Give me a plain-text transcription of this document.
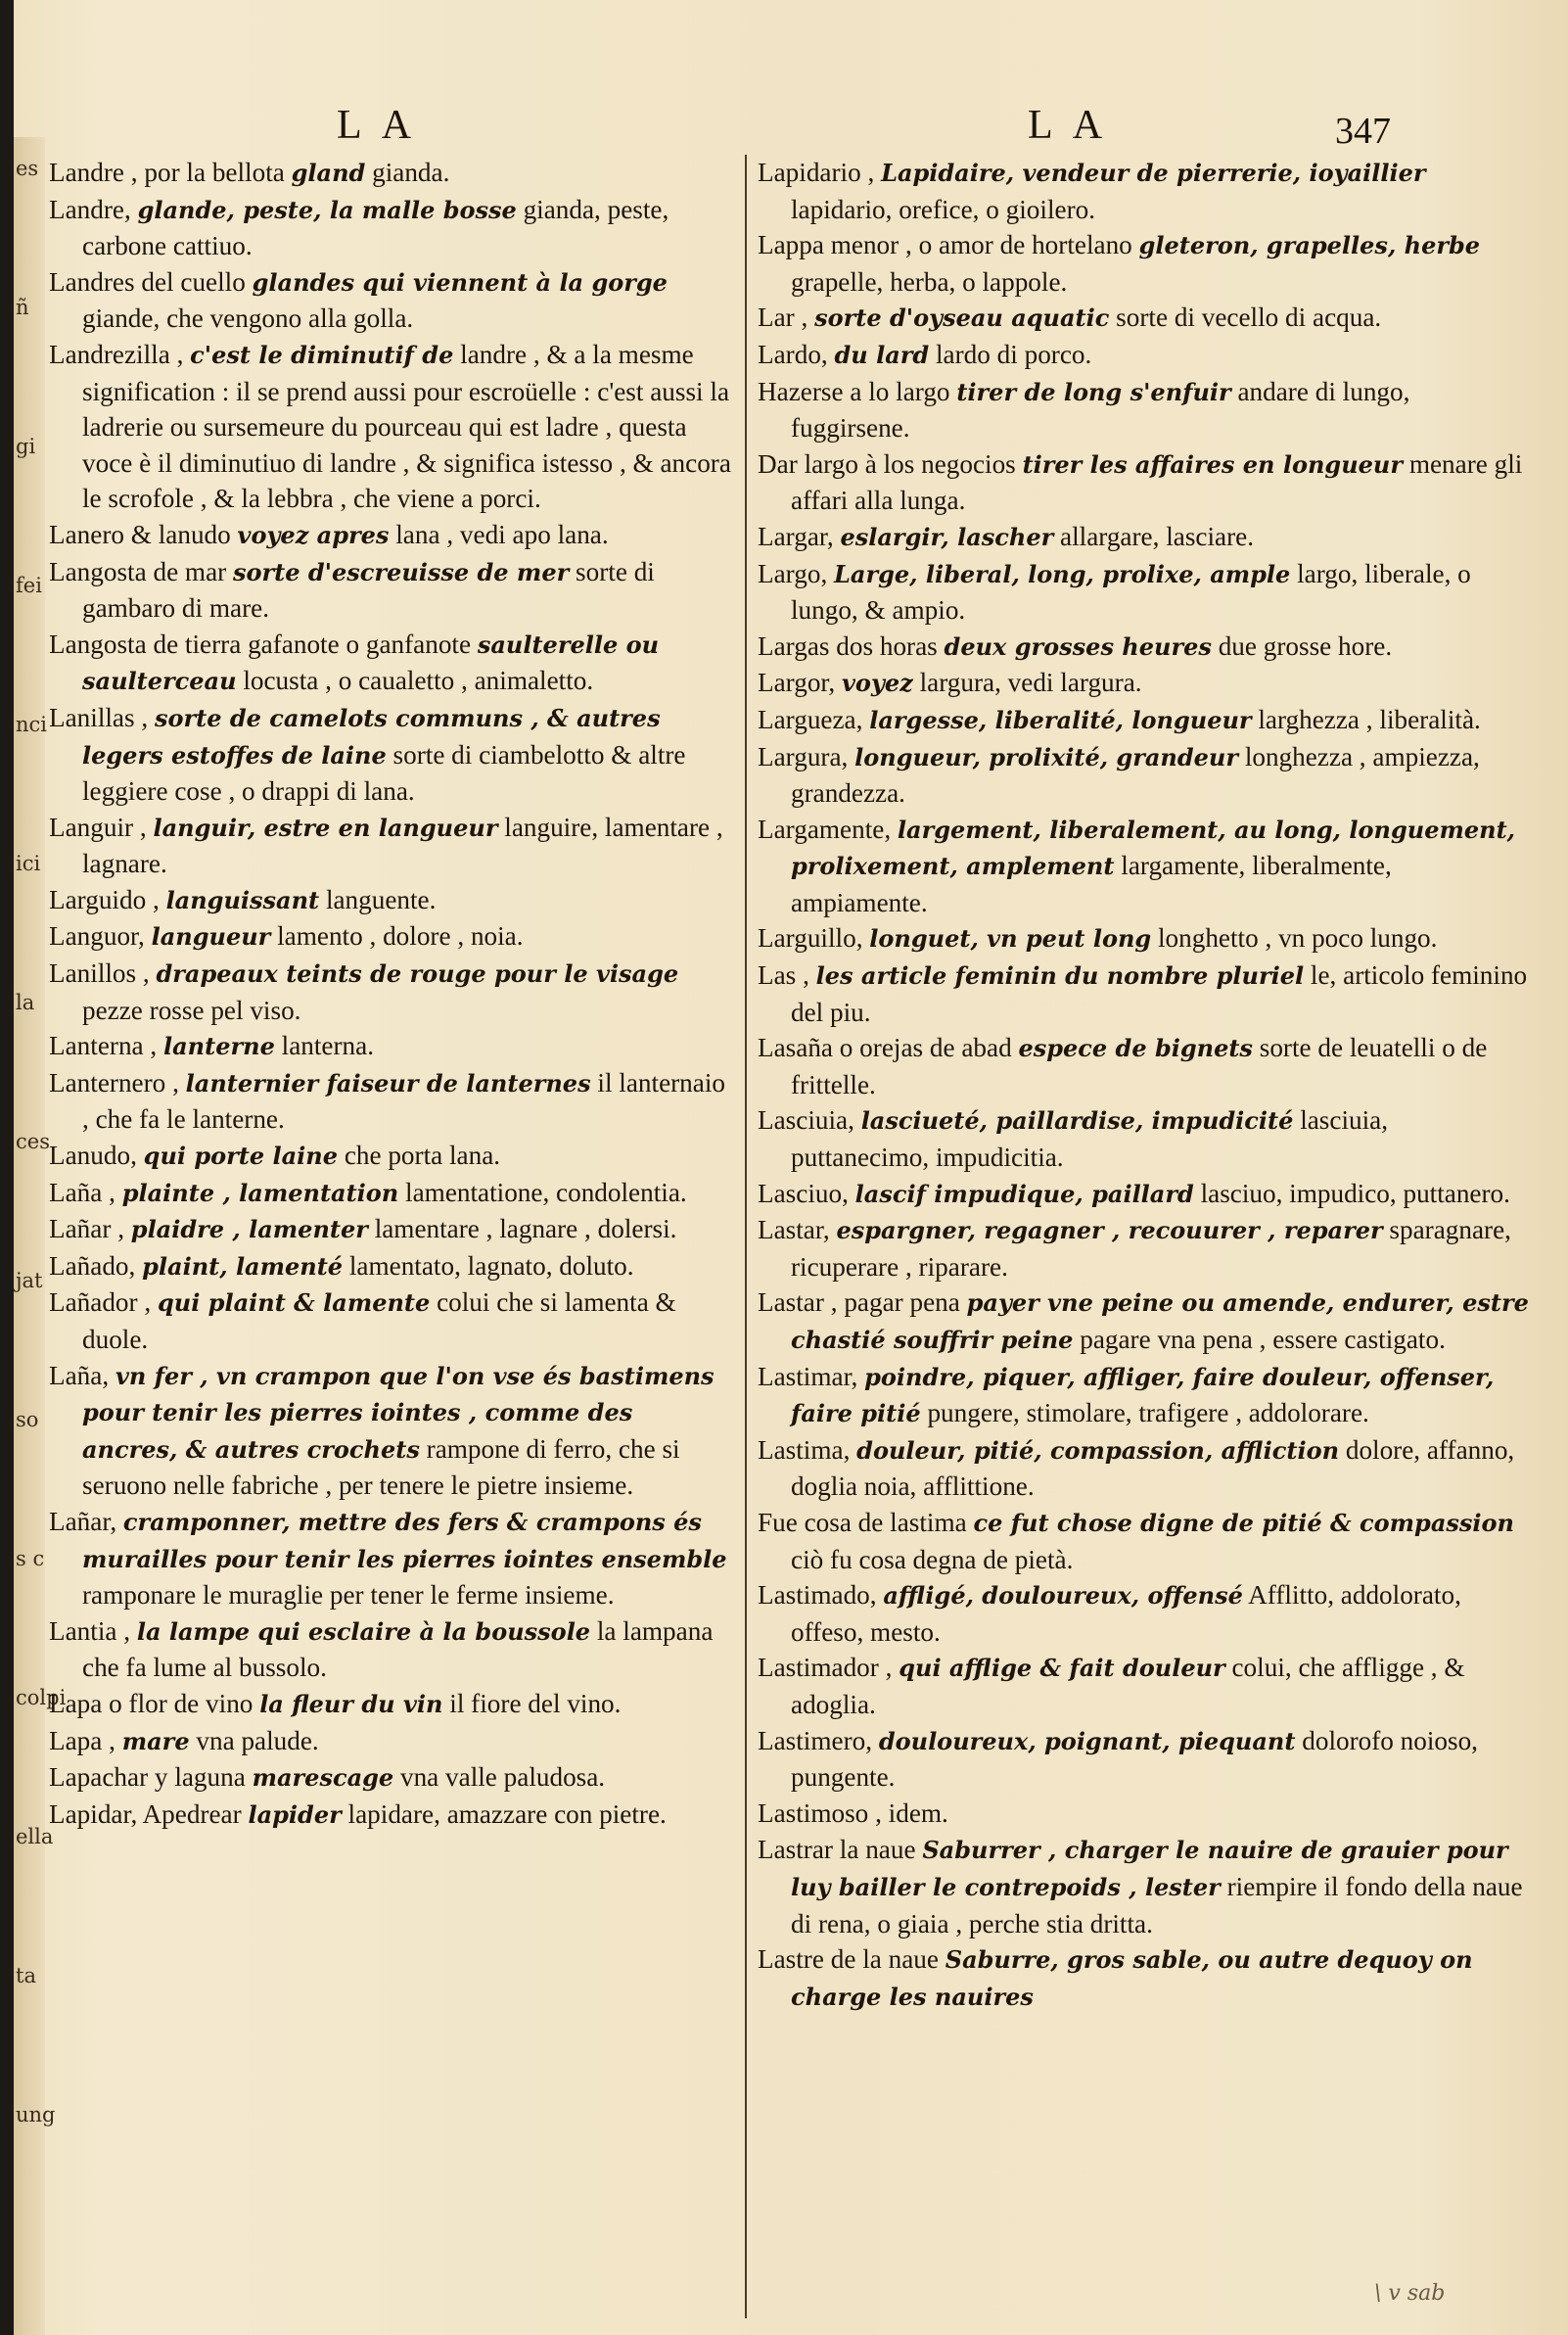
es
ñ
gi
fei
nci
ici
la
ces
jat
so
s c
colpi
ella
ta
ung
LA	LA	347
Landre , por la bellota gland gianda.
Landre, glande, peste, la malle bosse gianda, peste, carbone cattiuo.
Landres del cuello glandes qui viennent à la gorge giande, che vengono alla golla.
Landrezilla , c'est le diminutif de landre , & a la mesme signification : il se prend aussi pour escroüelle : c'est aussi la ladrerie ou sursemeure du pourceau qui est ladre , questa voce è il diminutiuo di landre , & significa istesso , & ancora le scrofole , & la lebbra , che viene a porci.
Lanero & lanudo voyez apres lana , vedi apo lana.
Langosta de mar sorte d'escreuisse de mer sorte di gambaro di mare.
Langosta de tierra gafanote o ganfanote saulterelle ou saulterceau locusta , o caualetto , animaletto.
Lanillas , sorte de camelots communs , & autres legers estoffes de laine sorte di ciambelotto & altre leggiere cose , o drappi di lana.
Languir , languir, estre en langueur languire, lamentare , lagnare.
Larguido , languissant languente.
Languor, langueur lamento , dolore , noia.
Lanillos , drapeaux teints de rouge pour le visage pezze rosse pel viso.
Lanterna , lanterne lanterna.
Lanternero , lanternier faiseur de lanternes il lanternaio , che fa le lanterne.
Lanudo, qui porte laine che porta lana.
Laña , plainte , lamentation lamentatione, condolentia.
Lañar , plaidre , lamenter lamentare , lagnare , dolersi.
Lañado, plaint, lamenté lamentato, lagnato, doluto.
Lañador , qui plaint & lamente colui che si lamenta & duole.
Laña, vn fer , vn crampon que l'on vse és bastimens pour tenir les pierres iointes , comme des ancres, & autres crochets rampone di ferro, che si seruono nelle fabriche , per tenere le pietre insieme.
Lañar, cramponner, mettre des fers & crampons és murailles pour tenir les pierres iointes ensemble ramponare le muraglie per tener le ferme insieme.
Lantia , la lampe qui esclaire à la boussole la lampana che fa lume al bussolo.
Lapa o flor de vino la fleur du vin il fiore del vino.
Lapa , mare vna palude.
Lapachar y laguna marescage vna valle paludosa.
Lapidar, Apedrear lapider lapidare, amazzare con pietre.
Lapidario , Lapidaire, vendeur de pierrerie, ioyaillier lapidario, orefice, o gioilero.
Lappa menor , o amor de hortelano gleteron, grapelles, herbe grapelle, herba, o lappole.
Lar , sorte d'oyseau aquatic sorte di vecello di acqua.
Lardo, du lard lardo di porco.
Hazerse a lo largo tirer de long s'enfuir andare di lungo, fuggirsene.
Dar largo à los negocios tirer les affaires en longueur menare gli affari alla lunga.
Largar, eslargir, lascher allargare, lasciare.
Largo, Large, liberal, long, prolixe, ample largo, liberale, o lungo, & ampio.
Largas dos horas deux grosses heures due grosse hore.
Largor, voyez largura, vedi largura.
Largueza, largesse, liberalité, longueur larghezza , liberalità.
Largura, longueur, prolixité, grandeur longhezza , ampiezza, grandezza.
Largamente, largement, liberalement, au long, longuement, prolixement, amplement largamente, liberalmente, ampiamente.
Larguillo, longuet, vn peut long longhetto , vn poco lungo.
Las , les article feminin du nombre pluriel le, articolo feminino del piu.
Lasaña o orejas de abad espece de bignets sorte de leuatelli o de frittelle.
Lasciuia, lasciueté, paillardise, impudicité lasciuia, puttanecimo, impudicitia.
Lasciuo, lascif impudique, paillard lasciuo, impudico, puttanero.
Lastar, espargner, regagner , recouurer , reparer sparagnare, ricuperare , riparare.
Lastar , pagar pena payer vne peine ou amende, endurer, estre chastié souffrir peine pagare vna pena , essere castigato.
Lastimar, poindre, piquer, affliger, faire douleur, offenser, faire pitié pungere, stimolare, trafigere , addolorare.
Lastima, douleur, pitié, compassion, affliction dolore, affanno, doglia noia, afflittione.
Fue cosa de lastima ce fut chose digne de pitié & compassion ciò fu cosa degna de pietà.
Lastimado, affligé, douloureux, offensé Afflitto, addolorato, offeso, mesto.
Lastimador , qui afflige & fait douleur colui, che affligge , & adoglia.
Lastimero, douloureux, poignant, piequant dolorofo noioso, pungente.
Lastimoso , idem.
Lastrar la naue Saburrer , charger le nauire de grauier pour luy bailler le contrepoids , lester riempire il fondo della naue di rena, o giaia , perche stia dritta.
Lastre de la naue Saburre, gros sable, ou autre dequoy on charge les nauires
\ v sab
